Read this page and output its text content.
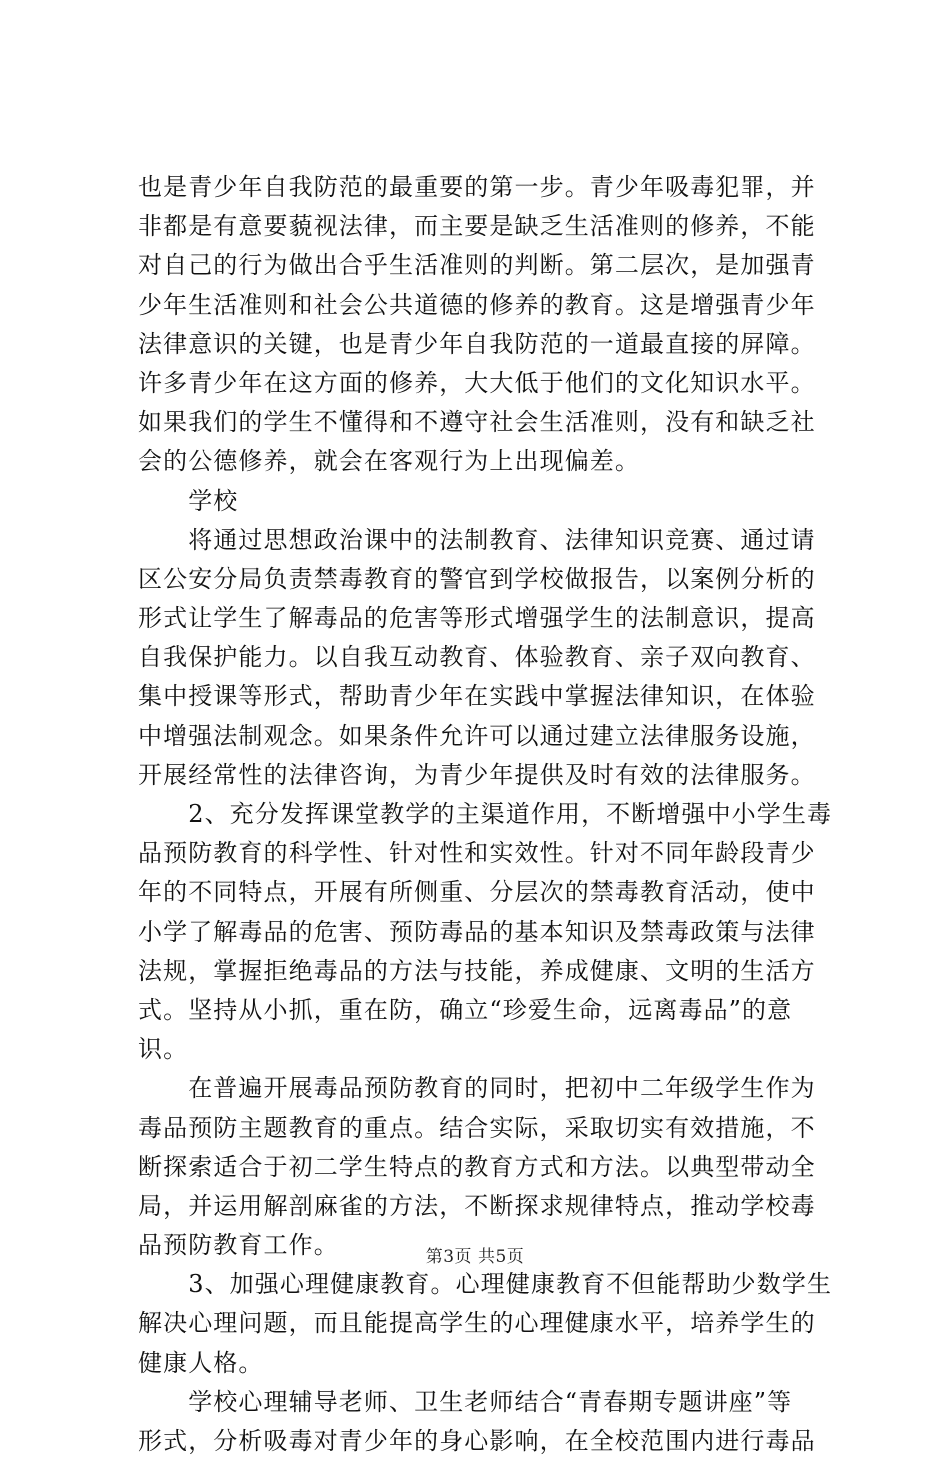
也是青少年自我防范的最重要的第一步。青少年吸毒犯罪，并
非都是有意要藐视法律，而主要是缺乏生活准则的修养，不能
对自己的行为做出合乎生活准则的判断。第二层次，是加强青
少年生活准则和社会公共道德的修养的教育。这是增强青少年
法律意识的关键，也是青少年自我防范的一道最直接的屏障。
许多青少年在这方面的修养，大大低于他们的文化知识水平。
如果我们的学生不懂得和不遵守社会生活准则，没有和缺乏社
会的公德修养，就会在客观行为上出现偏差。
　　学校
　　将通过思想政治课中的法制教育、法律知识竞赛、通过请
区公安分局负责禁毒教育的警官到学校做报告，以案例分析的
形式让学生了解毒品的危害等形式增强学生的法制意识，提高
自我保护能力。以自我互动教育、体验教育、亲子双向教育、
集中授课等形式，帮助青少年在实践中掌握法律知识，在体验
中增强法制观念。如果条件允许可以通过建立法律服务设施，
开展经常性的法律咨询，为青少年提供及时有效的法律服务。
　　2、充分发挥课堂教学的主渠道作用，不断增强中小学生毒
品预防教育的科学性、针对性和实效性。针对不同年龄段青少
年的不同特点，开展有所侧重、分层次的禁毒教育活动，使中
小学了解毒品的危害、预防毒品的基本知识及禁毒政策与法律
法规，掌握拒绝毒品的方法与技能，养成健康、文明的生活方
式。坚持从小抓，重在防，确立“珍爱生命，远离毒品”的意
识。
　　在普遍开展毒品预防教育的同时，把初中二年级学生作为
毒品预防主题教育的重点。结合实际，采取切实有效措施，不
断探索适合于初二学生特点的教育方式和方法。以典型带动全
局，并运用解剖麻雀的方法，不断探求规律特点，推动学校毒
品预防教育工作。
　　3、加强心理健康教育。心理健康教育不但能帮助少数学生
解决心理问题，而且能提高学生的心理健康水平，培养学生的
健康人格。
　　学校心理辅导老师、卫生老师结合“青春期专题讲座”等
形式，分析吸毒对青少年的身心影响，在全校范围内进行毒品
第3页 共5页
